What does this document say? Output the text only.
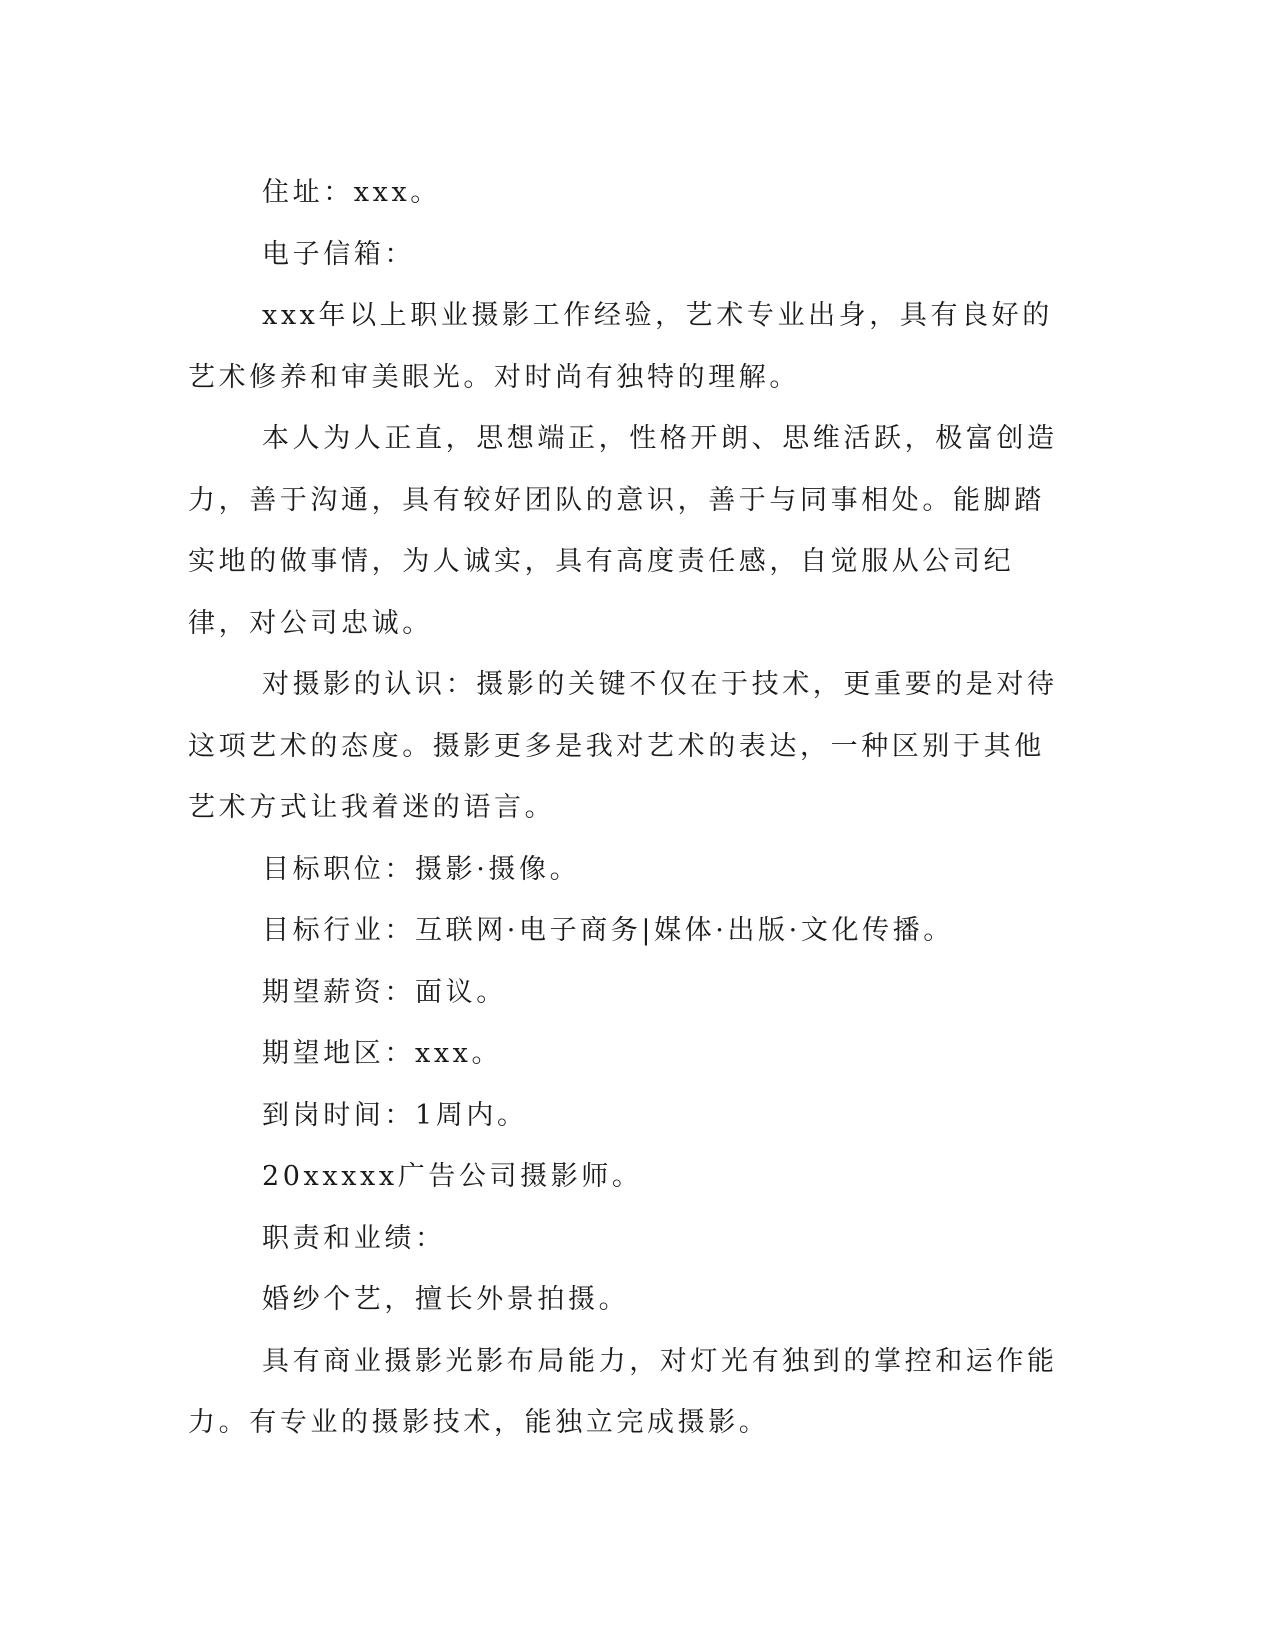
住址：xxx。

电子信箱：

xxx年以上职业摄影工作经验，艺术专业出身，具有良好的艺术修养和审美眼光。对时尚有独特的理解。

本人为人正直，思想端正，性格开朗、思维活跃，极富创造力，善于沟通，具有较好团队的意识，善于与同事相处。能脚踏实地的做事情，为人诚实，具有高度责任感，自觉服从公司纪律，对公司忠诚。

对摄影的认识：摄影的关键不仅在于技术，更重要的是对待这项艺术的态度。摄影更多是我对艺术的表达，一种区别于其他艺术方式让我着迷的语言。

目标职位：摄影·摄像。

目标行业：互联网·电子商务|媒体·出版·文化传播。

期望薪资：面议。

期望地区：xxx。

到岗时间：1周内。

20xxxxx广告公司摄影师。

职责和业绩：

婚纱个艺，擅长外景拍摄。

具有商业摄影光影布局能力，对灯光有独到的掌控和运作能力。有专业的摄影技术，能独立完成摄影。
